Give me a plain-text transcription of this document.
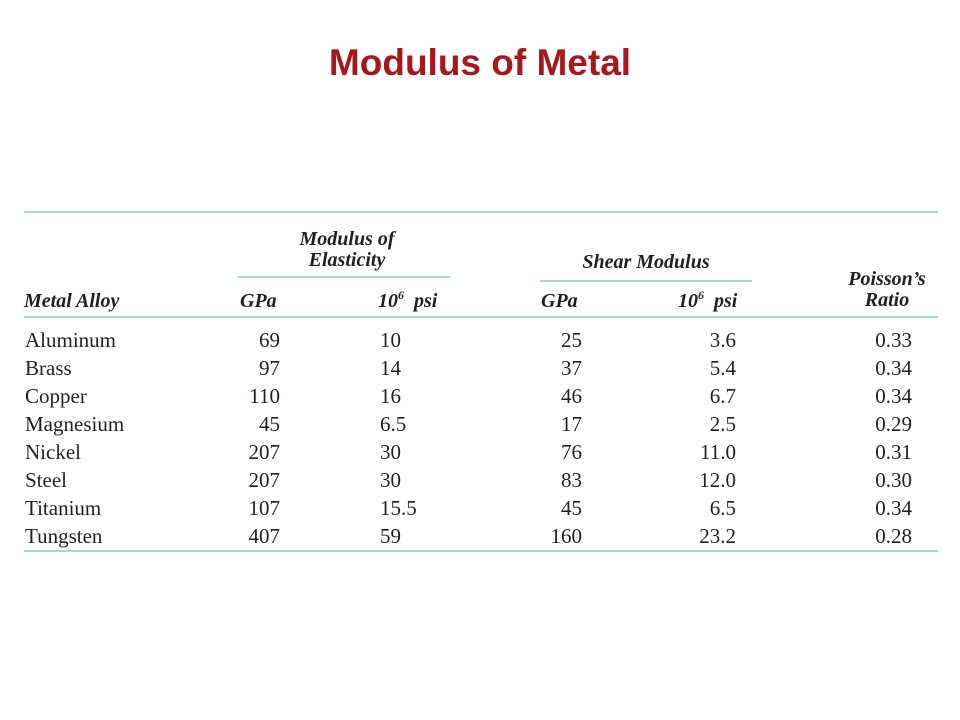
Modulus of Metal
Modulus of
Elasticity	Shear Modulus
Poisson’s
Ratio
Metal Alloy	GPa	$10^6$ psi	GPa	$10^6$ psi
Aluminum	69	10	25	3.6	0.33
Brass	97	14	37	5.4	0.34
Copper	110	16	46	6.7	0.34
Magnesium	45	6.5	17	2.5	0.29
Nickel	207	30	76	11.0	0.31
Steel	207	30	83	12.0	0.30
Titanium	107	15.5	45	6.5	0.34
Tungsten	407	59	160	23.2	0.28
